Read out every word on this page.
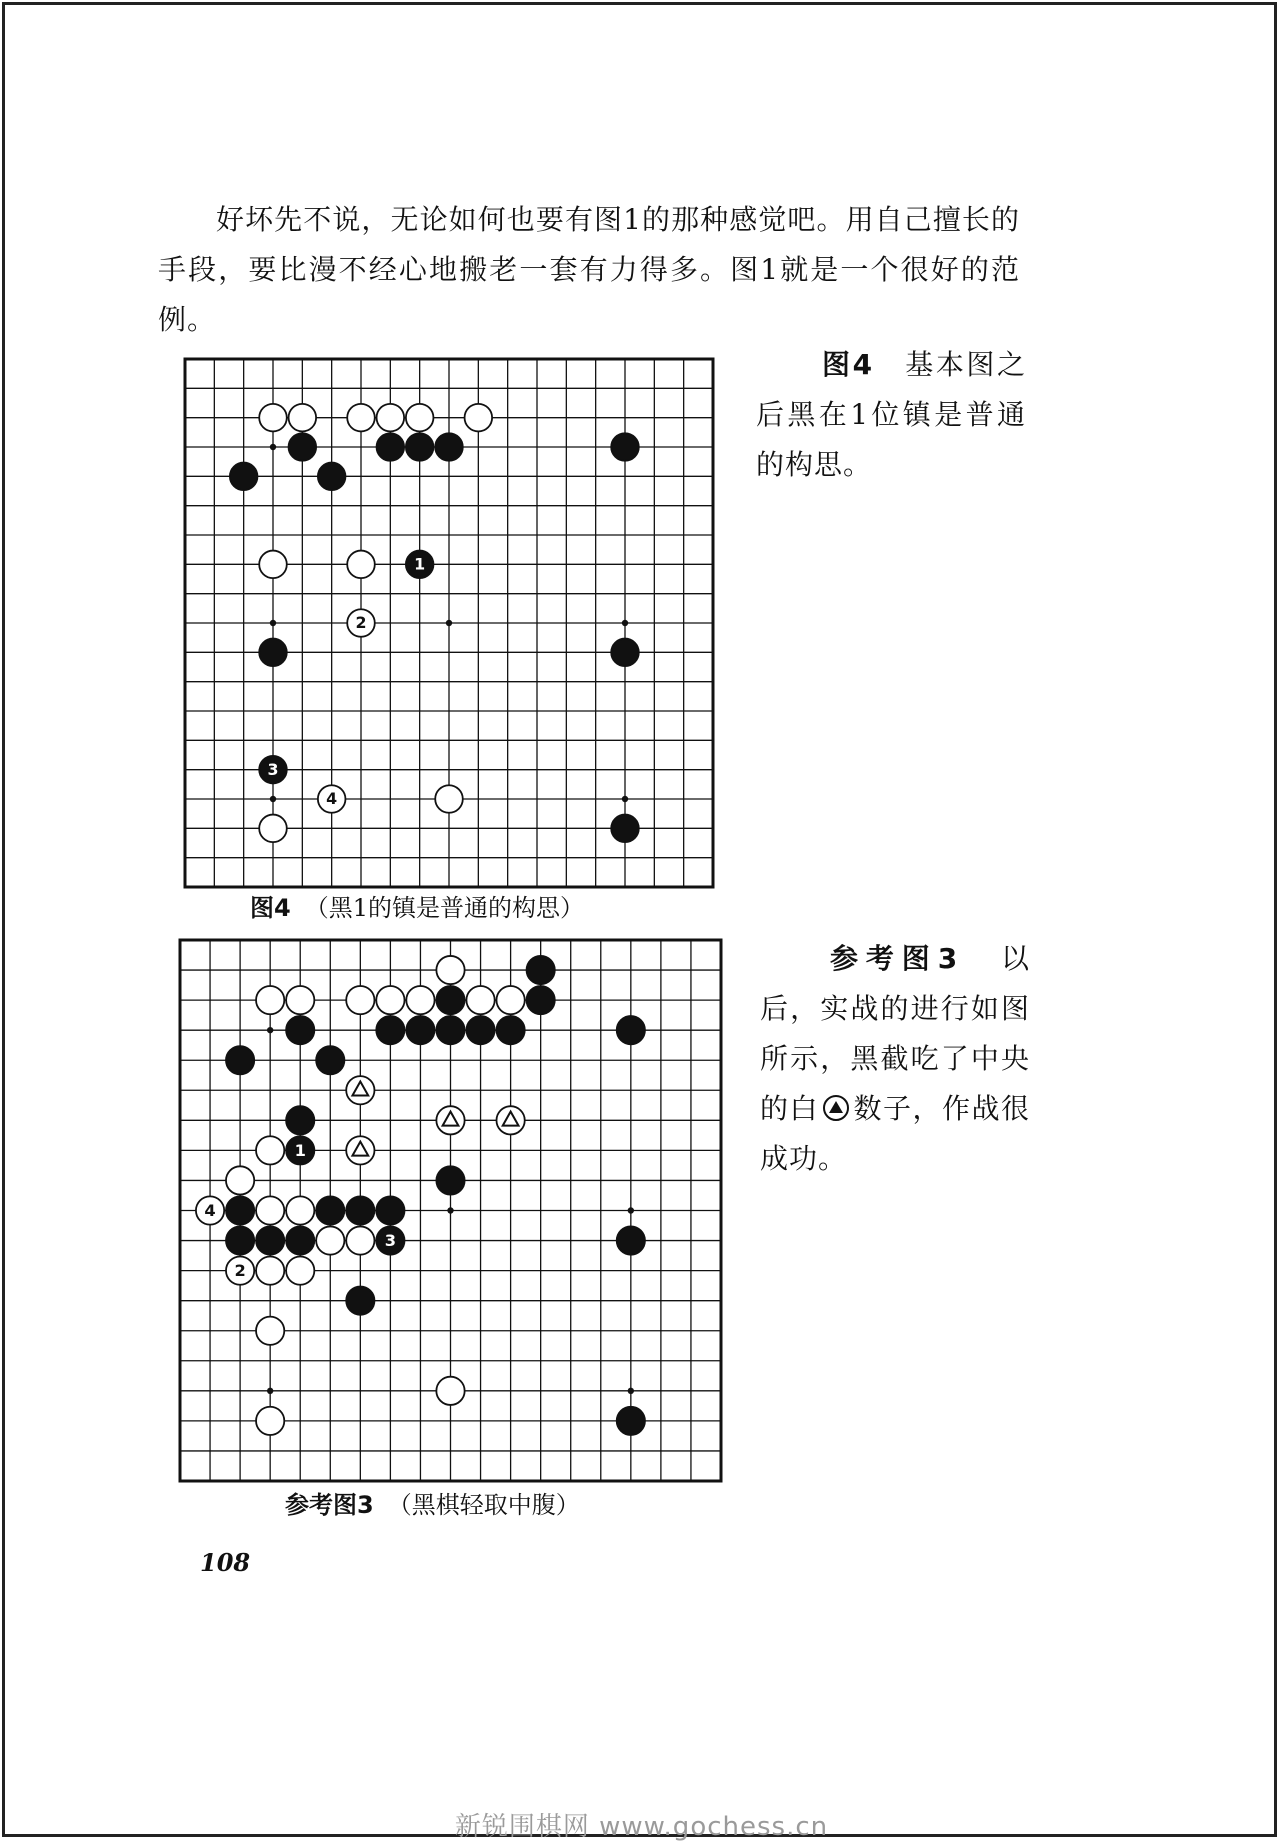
好坏先不说，无论如何也要有图1的那种感觉吧。用自己擅长的手段，要比漫不经心地搬老一套有力得多。图1就是一个很好的范例。

1
2
3
4

图4　 基本图之后黑在1位镇是普通的构思。

图4 （黑1的镇是普通的构思）
1
4
3
2

参考图3　 以后，实战的进行如图所示，黑截吃了中央的白 数子，作战很成功。

参考图3 （黑棋轻取中腹）
108
新锐围棋网 www.gochess.cn
